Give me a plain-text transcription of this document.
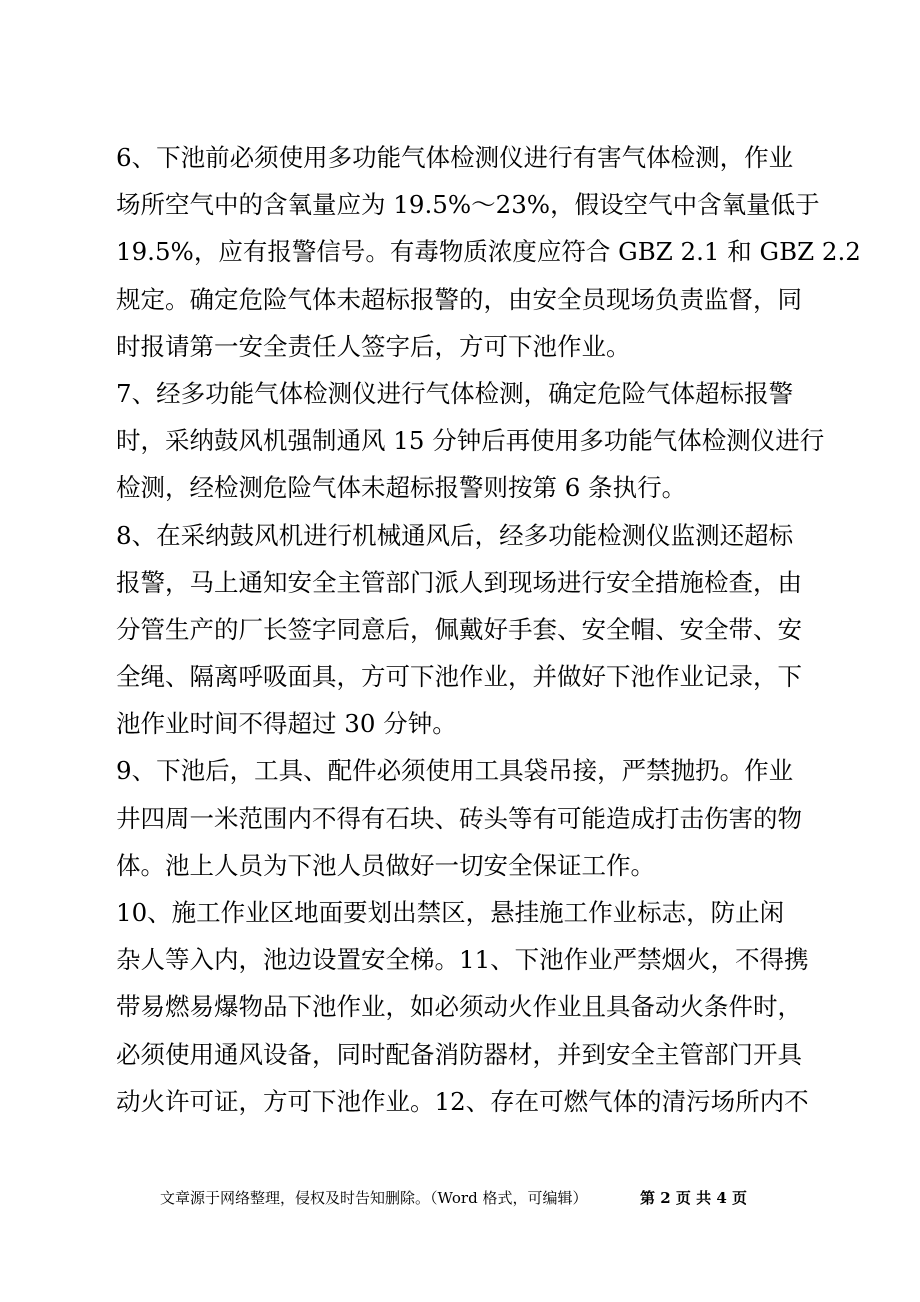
6、下池前必须使用多功能气体检测仪进行有害气体检测，作业
场所空气中的含氧量应为 19.5%～23%，假设空气中含氧量低于
19.5%，应有报警信号。有毒物质浓度应符合 GBZ 2.1 和 GBZ 2.2
规定。确定危险气体未超标报警的，由安全员现场负责监督，同
时报请第一安全责任人签字后，方可下池作业。
7、经多功能气体检测仪进行气体检测，确定危险气体超标报警
时，采纳鼓风机强制通风 15 分钟后再使用多功能气体检测仪进行
检测，经检测危险气体未超标报警则按第 6 条执行。
8、在采纳鼓风机进行机械通风后，经多功能检测仪监测还超标
报警，马上通知安全主管部门派人到现场进行安全措施检查，由
分管生产的厂长签字同意后，佩戴好手套、安全帽、安全带、安
全绳、隔离呼吸面具，方可下池作业，并做好下池作业记录，下
池作业时间不得超过 30 分钟。
9、下池后，工具、配件必须使用工具袋吊接，严禁抛扔。作业
井四周一米范围内不得有石块、砖头等有可能造成打击伤害的物
体。池上人员为下池人员做好一切安全保证工作。
10、施工作业区地面要划出禁区，悬挂施工作业标志，防止闲
杂人等入内，池边设置安全梯。11、下池作业严禁烟火，不得携
带易燃易爆物品下池作业，如必须动火作业且具备动火条件时，
必须使用通风设备，同时配备消防器材，并到安全主管部门开具
动火许可证，方可下池作业。12、存在可燃气体的清污场所内不
文章源于网络整理，侵权及时告知删除。（Word 格式，可编辑）	第 2 页 共 4 页
